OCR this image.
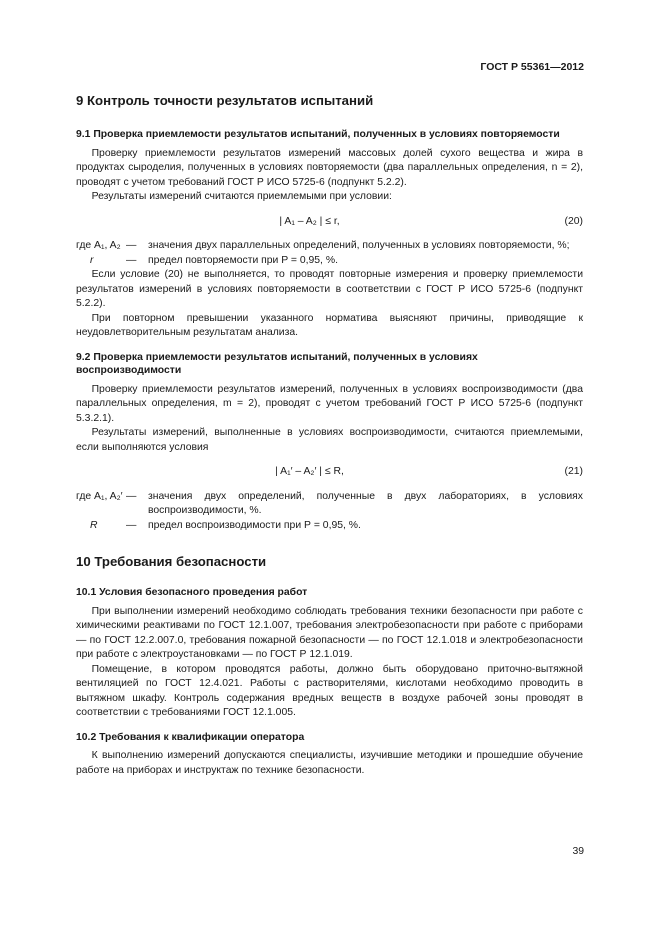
ГОСТ Р 55361—2012
9 Контроль точности результатов испытаний
9.1 Проверка приемлемости результатов испытаний, полученных в условиях повторяемости

Проверку приемлемости результатов измерений массовых долей сухого вещества и жира в продуктах сыроделия, полученных в условиях повторяемости (два параллельных определения, n = 2), проводят с учетом требований ГОСТ Р ИСО 5725-6 (подпункт 5.2.2).

Результаты измерений считаются приемлемыми при условии:

| A₁ – A₂ | ≤ r,	(20)
где A₁, A₂ —	значения двух параллельных определений, полученных в условиях повторяемости, %;
r	—	предел повторяемости при P = 0,95, %.

Если условие (20) не выполняется, то проводят повторные измерения и проверку приемлемости результатов измерений в условиях повторяемости в соответствии с ГОСТ Р ИСО 5725-6 (подпункт 5.2.2).

При повторном превышении указанного норматива выясняют причины, приводящие к неудовлетворительным результатам анализа.

9.2 Проверка приемлемости результатов испытаний, полученных в условиях воспроизводимости

Проверку приемлемости результатов измерений, полученных в условиях воспроизводимости (два параллельных определения, m = 2), проводят с учетом требований ГОСТ Р ИСО 5725-6 (подпункт 5.3.2.1).

Результаты измерений, выполненные в условиях воспроизводимости, считаются приемлемыми, если выполняются условия

| A₁′ – A₂′ | ≤ R,	(21)
где A₁, A₂′ —	значения двух определений, полученные в двух лабораториях, в условиях воспроизводимости, %.
R	—	предел воспроизводимости при Р = 0,95, %.
10 Требования безопасности
10.1 Условия безопасного проведения работ

При выполнении измерений необходимо соблюдать требования техники безопасности при работе с химическими реактивами по ГОСТ 12.1.007, требования электробезопасности при работе с приборами — по ГОСТ 12.2.007.0, требования пожарной безопасности — по ГОСТ 12.1.018 и электробезопасности при работе с электроустановками — по ГОСТ Р 12.1.019.

Помещение, в котором проводятся работы, должно быть оборудовано приточно-вытяжной вентиляцией по ГОСТ 12.4.021. Работы с растворителями, кислотами необходимо проводить в вытяжном шкафу. Контроль содержания вредных веществ в воздухе рабочей зоны проводят в соответствии с требованиями ГОСТ 12.1.005.

10.2 Требования к квалификации оператора

К выполнению измерений допускаются специалисты, изучившие методики и прошедшие обучение работе на приборах и инструктаж по технике безопасности.

39
